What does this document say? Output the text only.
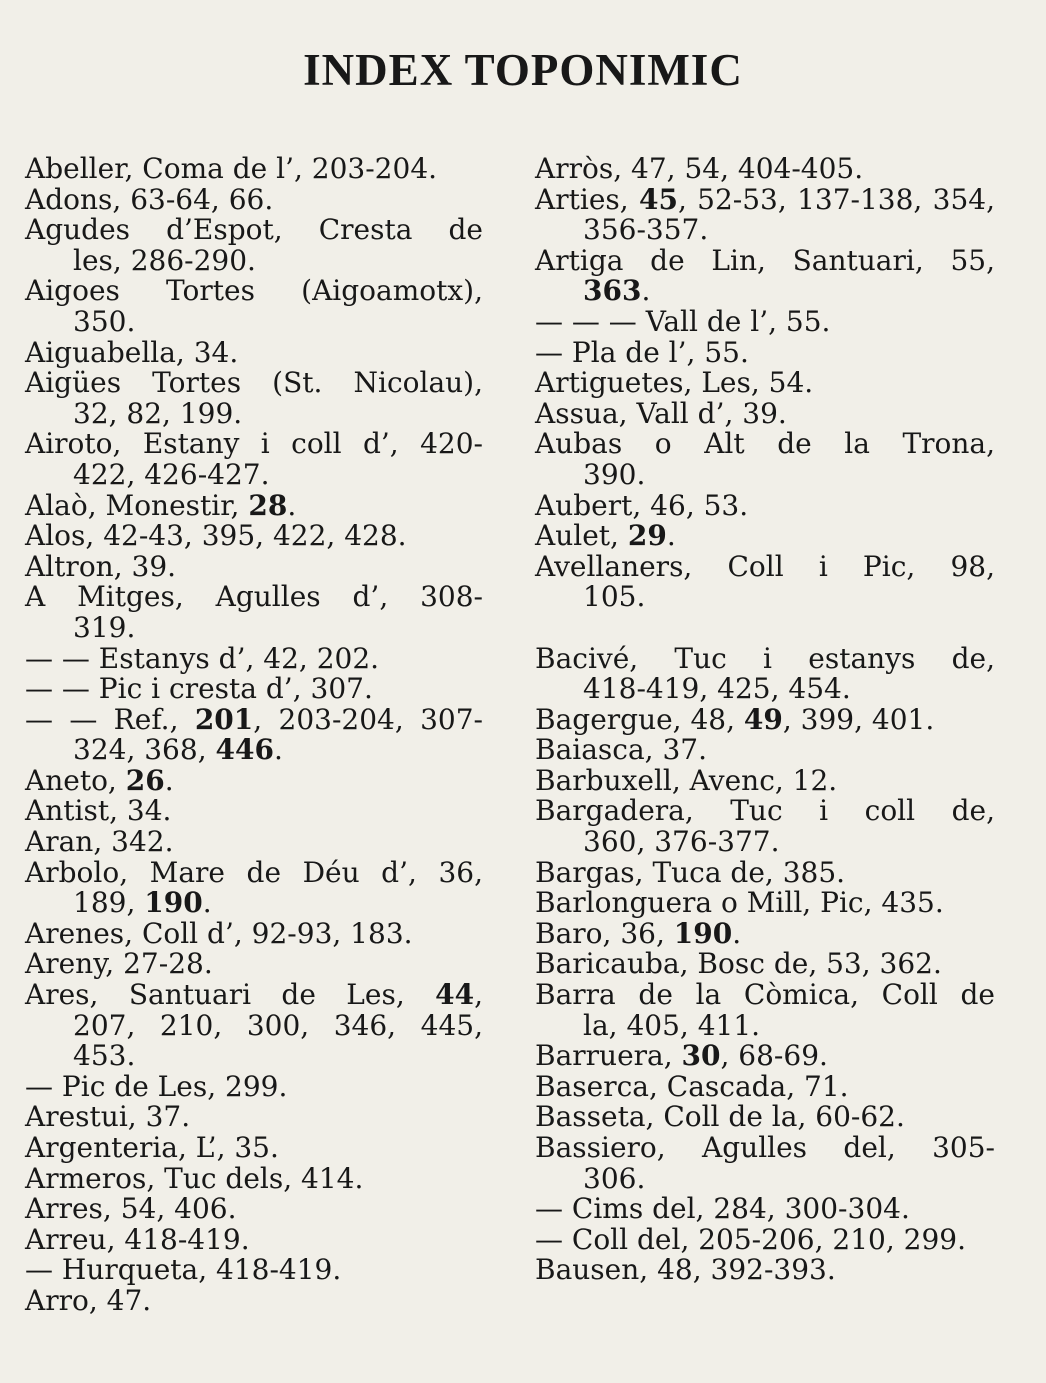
INDEX TOPONIMIC
Abeller, Coma de l’, 203-204.
Adons, 63-64, 66.
Agudes d’Espot, Cresta de
les, 286-290.
Aigoes Tortes (Aigoamotx),
350.
Aiguabella, 34.
Aigües Tortes (St. Nicolau),
32, 82, 199.
Airoto, Estany i coll d’, 420-
422, 426-427.
Alaò, Monestir, 28.
Alos, 42-43, 395, 422, 428.
Altron, 39.
A Mitges, Agulles d’, 308-
319.
— — Estanys d’, 42, 202.
— — Pic i cresta d’, 307.
— — Ref., 201, 203-204, 307-
324, 368, 446.
Aneto, 26.
Antist, 34.
Aran, 342.
Arbolo, Mare de Déu d’, 36,
189, 190.
Arenes, Coll d’, 92-93, 183.
Areny, 27-28.
Ares, Santuari de Les, 44,
207, 210, 300, 346, 445,
453.
— Pic de Les, 299.
Arestui, 37.
Argenteria, L’, 35.
Armeros, Tuc dels, 414.
Arres, 54, 406.
Arreu, 418-419.
— Hurqueta, 418-419.
Arro, 47.
Arròs, 47, 54, 404-405.
Arties, 45, 52-53, 137-138, 354,
356-357.
Artiga de Lin, Santuari, 55,
363.
— — — Vall de l’, 55.
— Pla de l’, 55.
Artiguetes, Les, 54.
Assua, Vall d’, 39.
Aubas o Alt de la Trona,
390.
Aubert, 46, 53.
Aulet, 29.
Avellaners, Coll i Pic, 98,
105.
Bacivé, Tuc i estanys de,
418-419, 425, 454.
Bagergue, 48, 49, 399, 401.
Baiasca, 37.
Barbuxell, Avenc, 12.
Bargadera, Tuc i coll de,
360, 376-377.
Bargas, Tuca de, 385.
Barlonguera o Mill, Pic, 435.
Baro, 36, 190.
Baricauba, Bosc de, 53, 362.
Barra de la Còmica, Coll de
la, 405, 411.
Barruera, 30, 68-69.
Baserca, Cascada, 71.
Basseta, Coll de la, 60-62.
Bassiero, Agulles del, 305-
306.
— Cims del, 284, 300-304.
— Coll del, 205-206, 210, 299.
Bausen, 48, 392-393.
